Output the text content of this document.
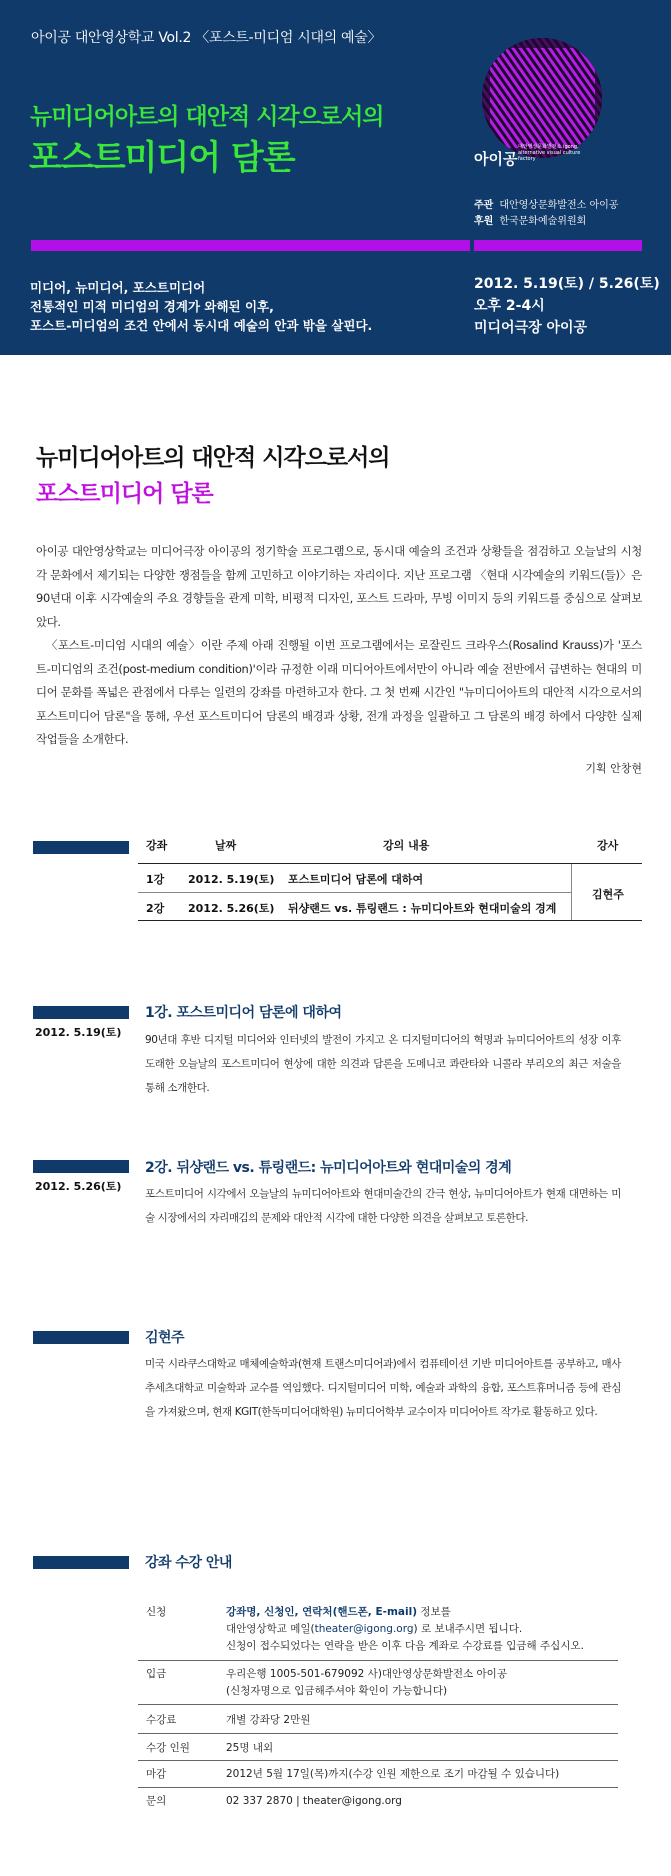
아이공 대안영상학교 Vol.2 〈포스트-미디엄 시대의 예술〉
뉴미디어아트의 대안적 시각으로서의
포스트미디어 담론	아이공
대안영상문화발전소 igong, alternative visual culture factory
주관 대안영상문화발전소 아이공
후원 한국문화예술위원회
미디어, 뉴미디어, 포스트미디어
전통적인 미적 미디엄의 경계가 와해된 이후,
포스트-미디엄의 조건 안에서 동시대 예술의 안과 밖을 살핀다.
2012. 5.19(토) / 5.26(토)
오후 2-4시
미디어극장 아이공
뉴미디어아트의 대안적 시각으로서의
포스트미디어 담론

아이공 대안영상학교는 미디어극장 아이공의 정기학술 프로그램으로, 동시대 예술의 조건과 상황들을 점검하고 오늘날의 시청각 문화에서 제기되는 다양한 쟁점들을 함께 고민하고 이야기하는 자리이다. 지난 프로그램 〈현대 시각예술의 키워드(들)〉은 90년대 이후 시각예술의 주요 경향들을 관계 미학, 비평적 디자인, 포스트 드라마, 무빙 이미지 등의 키워드를 중심으로 살펴보았다.

〈포스트-미디엄 시대의 예술〉이란 주제 아래 진행될 이번 프로그램에서는 로잘린드 크라우스(Rosalind Krauss)가 '포스트-미디엄의 조건(post-medium condition)'이라 규정한 이래 미디어아트에서만이 아니라 예술 전반에서 급변하는 현대의 미디어 문화를 폭넓은 관점에서 다루는 일련의 강좌를 마련하고자 한다. 그 첫 번째 시간인 "뉴미디어아트의 대안적 시각으로서의 포스트미디어 담론"을 통해, 우선 포스트미디어 담론의 배경과 상황, 전개 과정을 일괄하고 그 담론의 배경 하에서 다양한 실제 작업들을 소개한다.

기획 안창현
강좌	날짜	강의 내용	강사
1강 2012. 5.19(토) 포스트미디어 담론에 대하여
2강 2012. 5.26(토) 뒤샹랜드 vs. 튜링랜드 : 뉴미디아트와 현대미술의 경계
김현주
2012. 5.19(토)
1강. 포스트미디어 담론에 대하여
90년대 후반 디지털 미디어와 인터넷의 발전이 가지고 온 디지털미디어의 혁명과 뉴미디어아트의 성장 이후 도래한 오늘날의 포스트미디어 현상에 대한 의견과 담론을 도메니코 콰란타와 니콜라 부리오의 최근 저술을 통해 소개한다.
2012. 5.26(토)
2강. 뒤샹랜드 vs. 튜링랜드: 뉴미디어아트와 현대미술의 경계
포스트미디어 시각에서 오늘날의 뉴미디어아트와 현대미술간의 간극 현상, 뉴미디어아트가 현재 대면하는 미술 시장에서의 자리매김의 문제와 대안적 시각에 대한 다양한 의견을 살펴보고 토론한다.
김현주
미국 시라쿠스대학교 매체예술학과(현재 트랜스미디어과)에서 컴퓨테이션 기반 미디어아트를 공부하고, 매사추세츠대학교 미술학과 교수를 역임했다. 디지털미디어 미학, 예술과 과학의 융합, 포스트휴머니즘 등에 관심을 가져왔으며, 현재 KGIT(한독미디어대학원) 뉴미디어학부 교수이자 미디어아트 작가로 활동하고 있다.
강좌 수강 안내
신청	강좌명, 신청인, 연락처(핸드폰, E-mail) 정보를
대안영상학교 메일(theater@igong.org) 로 보내주시면 됩니다.
신청이 접수되었다는 연락을 받은 이후 다음 계좌로 수강료를 입금해 주십시오.
입금	우리은행 1005-501-679092 사)대안영상문화발전소 아이공
(신청자명으로 입금해주셔야 확인이 가능합니다)
수강료	개별 강좌당 2만원
수강 인원	25명 내외
마감	2012년 5월 17일(목)까지(수강 인원 제한으로 조기 마감될 수 있습니다)
문의	02 337 2870 | theater@igong.org
